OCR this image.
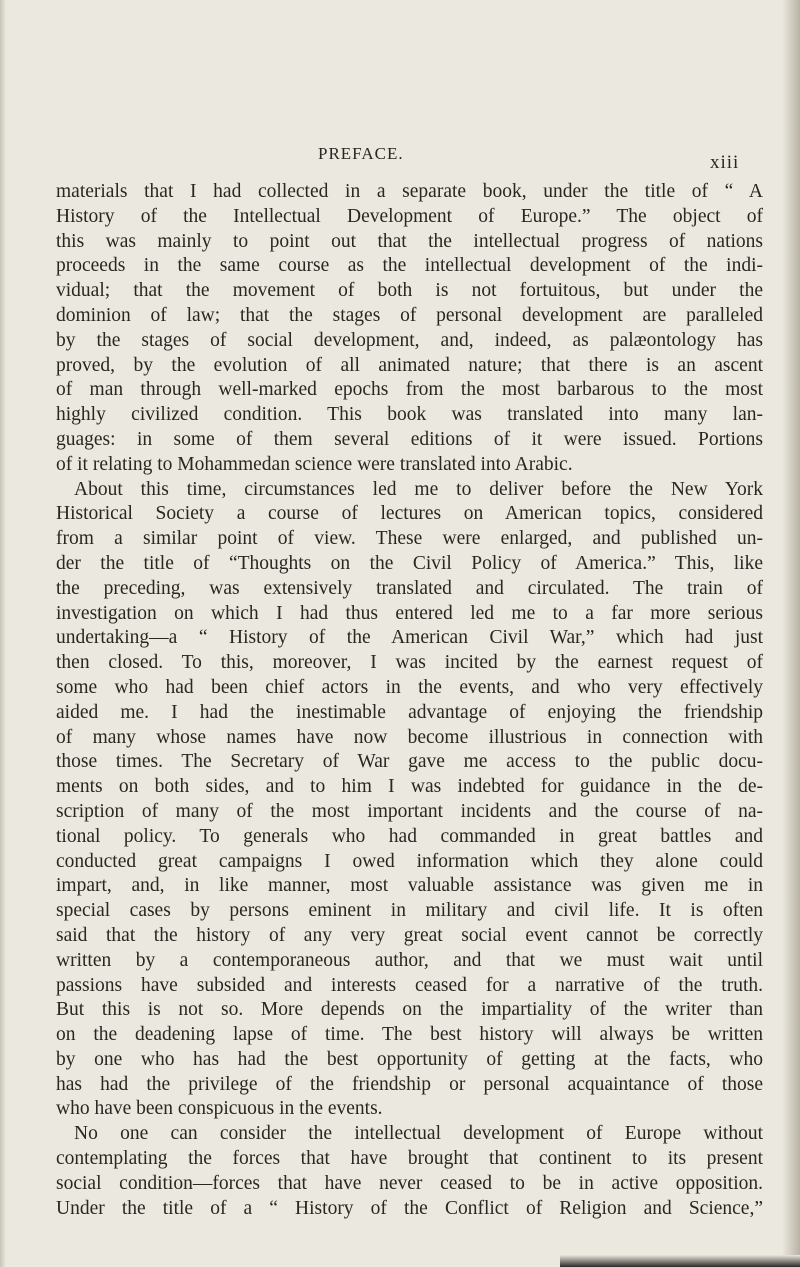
PREFACE.	xiii
materials that I had collected in a separate book, under the title of “ A
History of the Intellectual Development of Europe.” The object of
this was mainly to point out that the intellectual progress of nations
proceeds in the same course as the intellectual development of the indi-
vidual; that the movement of both is not fortuitous, but under the
dominion of law; that the stages of personal development are paralleled
by the stages of social development, and, indeed, as palæontology has
proved, by the evolution of all animated nature; that there is an ascent
of man through well-marked epochs from the most barbarous to the most
highly civilized condition. This book was translated into many lan-
guages: in some of them several editions of it were issued. Portions
of it relating to Mohammedan science were translated into Arabic.
About this time, circumstances led me to deliver before the New York
Historical Society a course of lectures on American topics, considered
from a similar point of view. These were enlarged, and published un-
der the title of “Thoughts on the Civil Policy of America.” This, like
the preceding, was extensively translated and circulated. The train of
investigation on which I had thus entered led me to a far more serious
undertaking—a “ History of the American Civil War,” which had just
then closed. To this, moreover, I was incited by the earnest request of
some who had been chief actors in the events, and who very effectively
aided me. I had the inestimable advantage of enjoying the friendship
of many whose names have now become illustrious in connection with
those times. The Secretary of War gave me access to the public docu-
ments on both sides, and to him I was indebted for guidance in the de-
scription of many of the most important incidents and the course of na-
tional policy. To generals who had commanded in great battles and
conducted great campaigns I owed information which they alone could
impart, and, in like manner, most valuable assistance was given me in
special cases by persons eminent in military and civil life. It is often
said that the history of any very great social event cannot be correctly
written by a contemporaneous author, and that we must wait until
passions have subsided and interests ceased for a narrative of the truth.
But this is not so. More depends on the impartiality of the writer than
on the deadening lapse of time. The best history will always be written
by one who has had the best opportunity of getting at the facts, who
has had the privilege of the friendship or personal acquaintance of those
who have been conspicuous in the events.
No one can consider the intellectual development of Europe without
contemplating the forces that have brought that continent to its present
social condition—forces that have never ceased to be in active opposition.
Under the title of a “ History of the Conflict of Religion and Science,”
